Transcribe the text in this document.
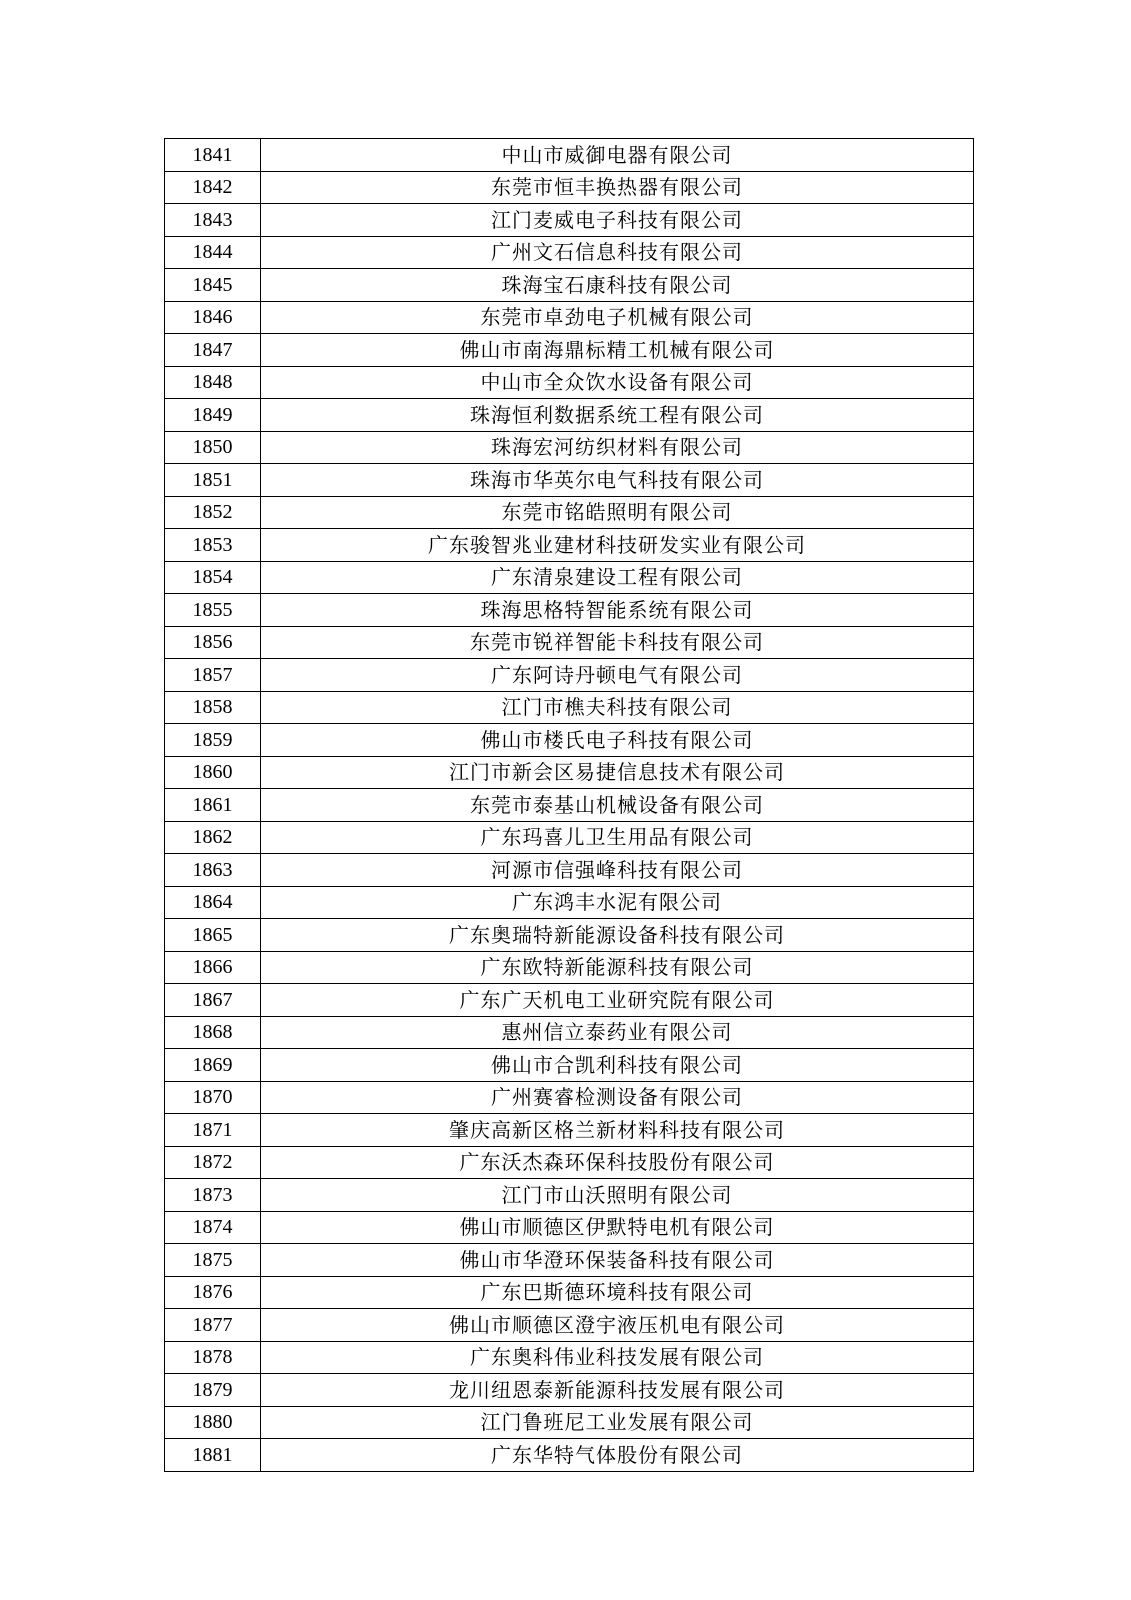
1841	中山市威御电器有限公司
1842	东莞市恒丰换热器有限公司
1843	江门麦威电子科技有限公司
1844	广州文石信息科技有限公司
1845	珠海宝石康科技有限公司
1846	东莞市卓劲电子机械有限公司
1847	佛山市南海鼎标精工机械有限公司
1848	中山市全众饮水设备有限公司
1849	珠海恒利数据系统工程有限公司
1850	珠海宏河纺织材料有限公司
1851	珠海市华英尔电气科技有限公司
1852	东莞市铭皓照明有限公司
1853	广东骏智兆业建材科技研发实业有限公司
1854	广东清泉建设工程有限公司
1855	珠海思格特智能系统有限公司
1856	东莞市锐祥智能卡科技有限公司
1857	广东阿诗丹顿电气有限公司
1858	江门市樵夫科技有限公司
1859	佛山市楼氏电子科技有限公司
1860	江门市新会区易捷信息技术有限公司
1861	东莞市泰基山机械设备有限公司
1862	广东玛喜儿卫生用品有限公司
1863	河源市信强峰科技有限公司
1864	广东鸿丰水泥有限公司
1865	广东奥瑞特新能源设备科技有限公司
1866	广东欧特新能源科技有限公司
1867	广东广天机电工业研究院有限公司
1868	惠州信立泰药业有限公司
1869	佛山市合凯利科技有限公司
1870	广州赛睿检测设备有限公司
1871	肇庆高新区格兰新材料科技有限公司
1872	广东沃杰森环保科技股份有限公司
1873	江门市山沃照明有限公司
1874	佛山市顺德区伊默特电机有限公司
1875	佛山市华澄环保装备科技有限公司
1876	广东巴斯德环境科技有限公司
1877	佛山市顺德区澄宇液压机电有限公司
1878	广东奥科伟业科技发展有限公司
1879	龙川纽恩泰新能源科技发展有限公司
1880	江门鲁班尼工业发展有限公司
1881	广东华特气体股份有限公司
